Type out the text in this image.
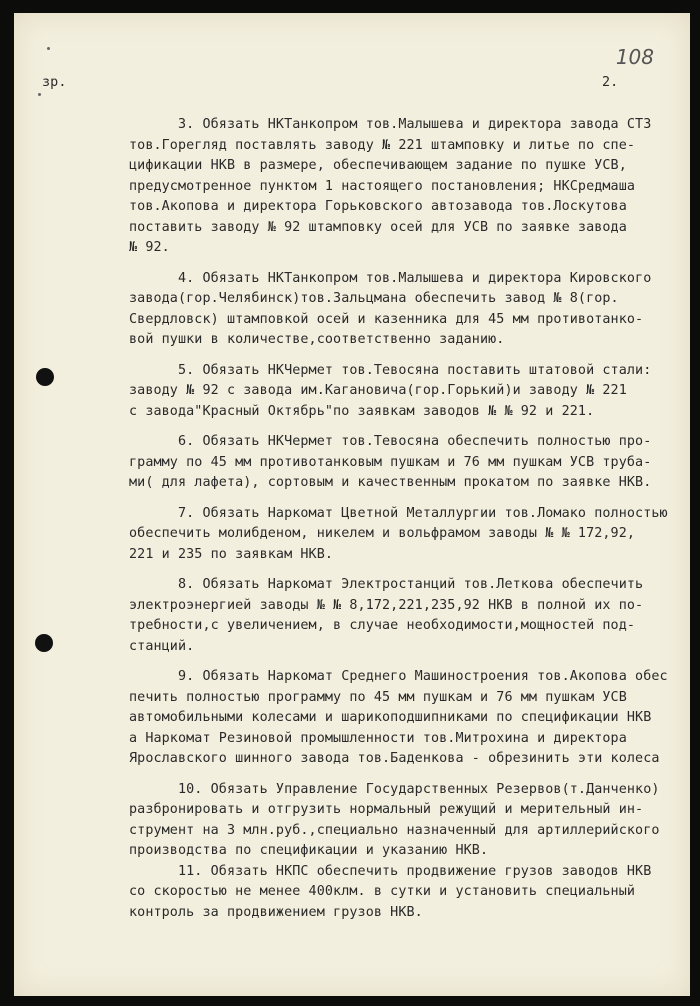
108
зр.	2.
3. Обязать НКТанкопром тов.Малышева и директора завода СТЗ
тов.Горегляд поставлять заводу № 221 штамповку и литье по спе-
цификации НКВ в размере, обеспечивающем задание по пушке УСВ,
предусмотренное пунктом 1 настоящего постановления; НКСредмаша
тов.Акопова и директора Горьковского автозавода тов.Лоскутова
поставить заводу № 92 штамповку осей для УСВ по заявке завода
№ 92.
4. Обязать НКТанкопром тов.Малышева и директора Кировского
завода(гор.Челябинск)тов.Зальцмана обеспечить завод № 8(гор.
Свердловск) штамповкой осей и казенника для 45 мм противотанко-
вой пушки в количестве,соответственно заданию.
5. Обязать НКЧермет тов.Тевосяна поставить штатовой стали:
заводу № 92 с завода им.Кагановича(гор.Горький)и заводу № 221
с завода"Красный Октябрь"по заявкам заводов № № 92 и 221.
6. Обязать НКЧермет тов.Тевосяна обеспечить полностью про-
грамму по 45 мм противотанковым пушкам и 76 мм пушкам УСВ труба-
ми( для лафета), сортовым и качественным прокатом по заявке НКВ.
7. Обязать Наркомат Цветной Металлургии тов.Ломако полностью
обеспечить молибденом, никелем и вольфрамом заводы № № 172,92,
221 и 235 по заявкам НКВ.
8. Обязать Наркомат Электростанций тов.Леткова обеспечить
электроэнергией заводы № № 8,172,221,235,92 НКВ в полной их по-
требности,с увеличением, в случае необходимости,мощностей под-
станций.
9. Обязать Наркомат Среднего Машиностроения тов.Акопова обес
печить полностью программу по 45 мм пушкам и 76 мм пушкам УСВ
автомобильными колесами и шарикоподшипниками по спецификации НКВ
а Наркомат Резиновой промышленности тов.Митрохина и директора
Ярославского шинного завода тов.Баденкова - обрезинить эти колеса
10. Обязать Управление Государственных Резервов(т.Данченко)
разбронировать и отгрузить нормальный режущий и мерительный ин-
струмент на 3 млн.руб.,специально назначенный для артиллерийского
производства по спецификации и указанию НКВ.
11. Обязать НКПС обеспечить продвижение грузов заводов НКВ
со скоростью не менее 400клм. в сутки и установить специальный
контроль за продвижением грузов НКВ.
